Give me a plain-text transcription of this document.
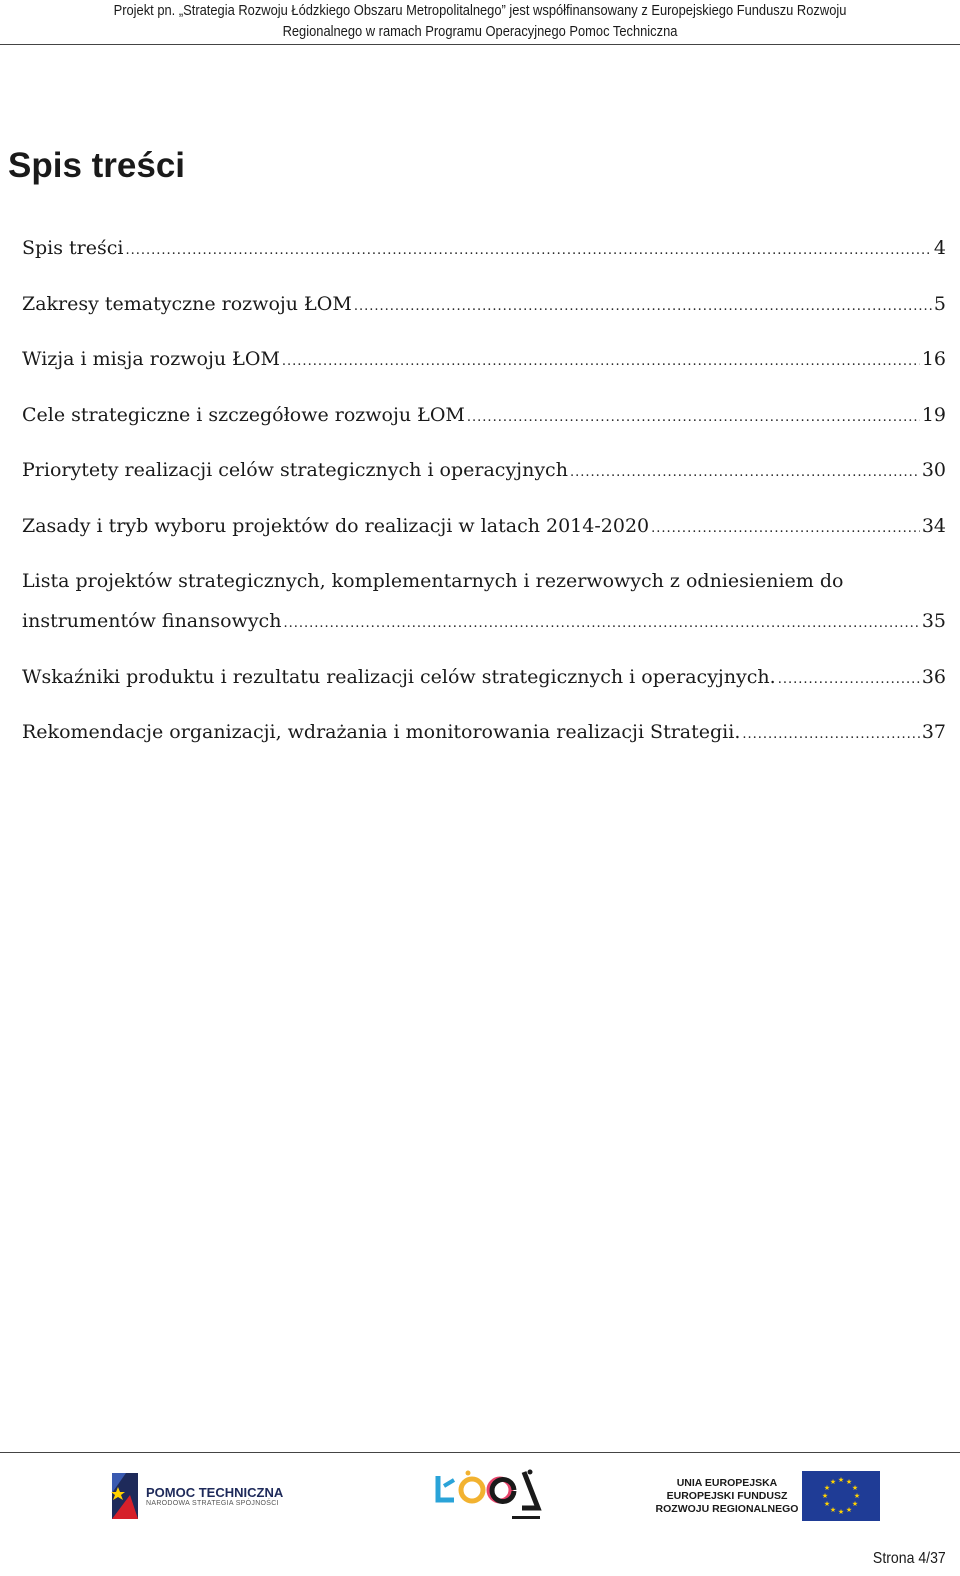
Projekt pn. „Strategia Rozwoju Łódzkiego Obszaru Metropolitalnego” jest współfinansowany z Europejskiego Funduszu Rozwoju
Regionalnego w ramach Programu Operacyjnego Pomoc Techniczna
Spis treści
Spis treści .....	4
Zakresy tematyczne rozwoju ŁOM .....	5
Wizja i misja rozwoju ŁOM .....	16
Cele strategiczne i szczegółowe rozwoju ŁOM .....	19
Priorytety realizacji celów strategicznych i operacyjnych .....	30
Zasady i tryb wyboru projektów do realizacji w latach 2014-2020 .....	34
Lista projektów strategicznych, komplementarnych i rezerwowych z odniesieniem do
instrumentów finansowych .....	35
Wskaźniki produktu i rezultatu realizacji celów strategicznych i operacyjnych. .....	36
Rekomendacje organizacji, wdrażania i monitorowania realizacji Strategii. .....	37
POMOC TECHNICZNA
NARODOWA STRATEGIA SPÓJNOŚCI
UNIA EUROPEJSKA
EUROPEJSKI FUNDUSZ
ROZWOJU REGIONALNEGO
★ ★
★
★
★
★
★
★
★
★
★
★
Strona 4/37
